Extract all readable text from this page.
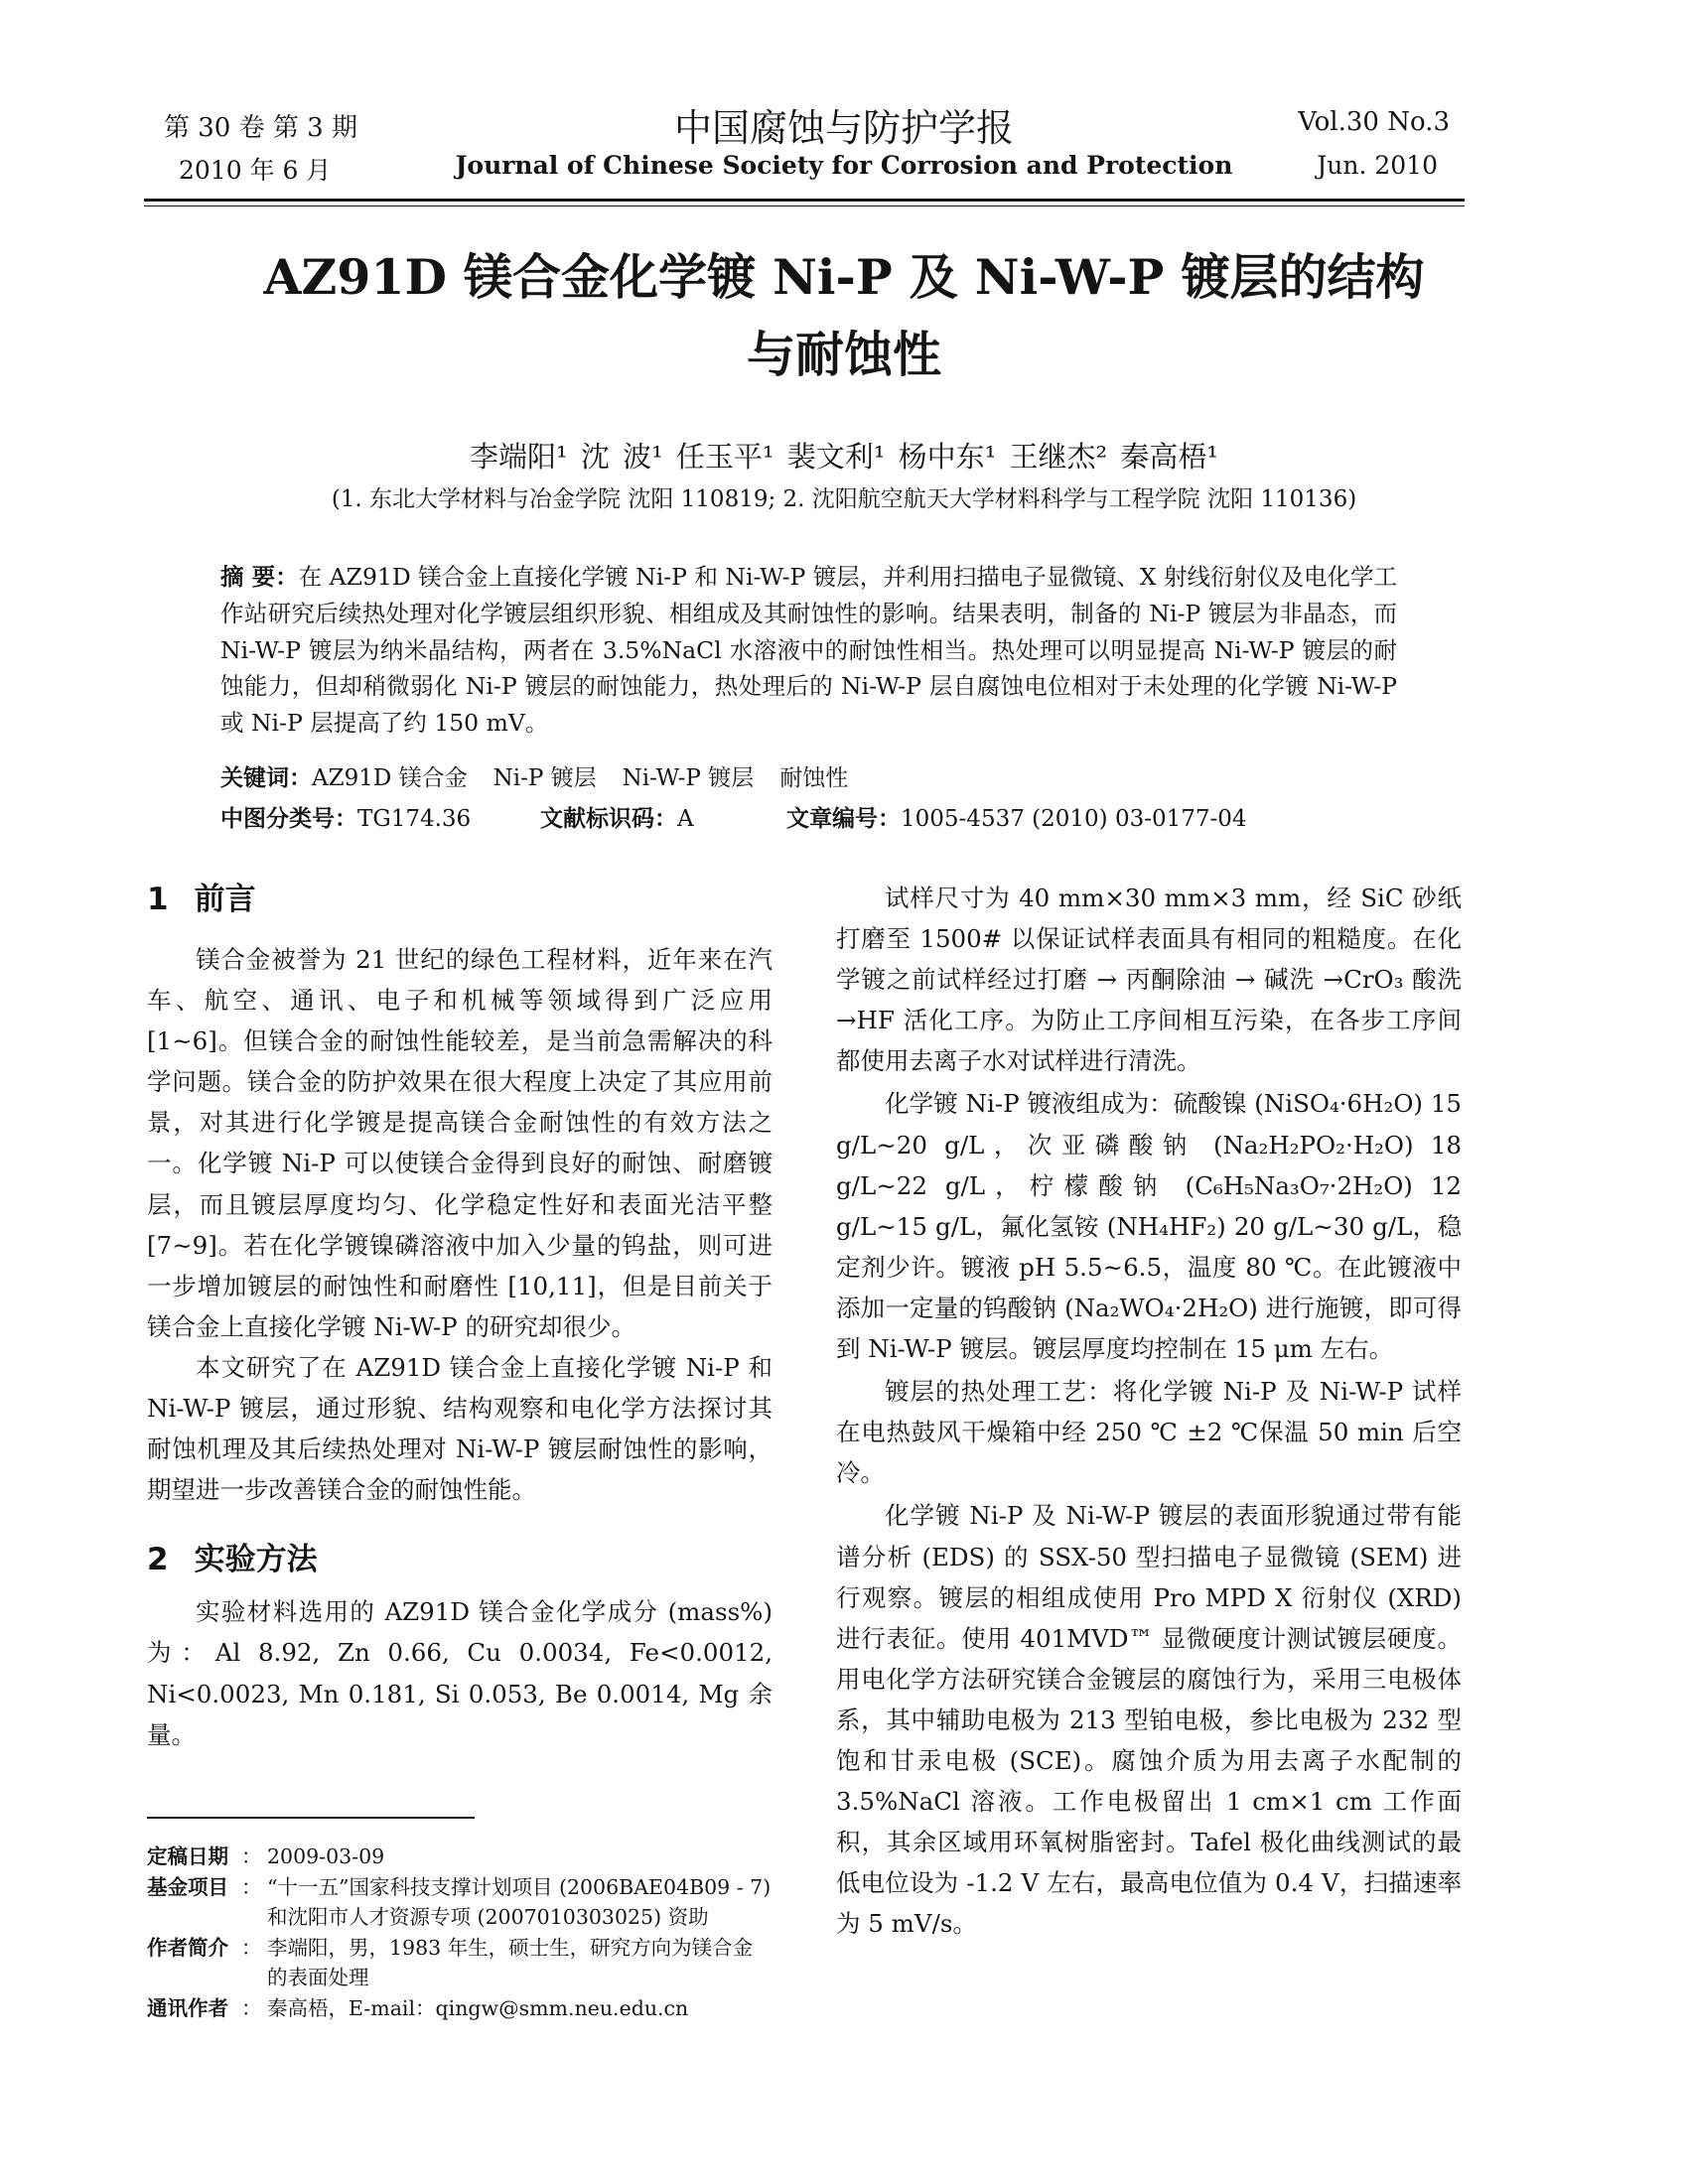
第 30 卷 第 3 期
2010 年 6 月
中国腐蚀与防护学报
Journal of Chinese Society for Corrosion and Protection
Vol.30 No.3
Jun. 2010
AZ91D 镁合金化学镀 Ni-P 及 Ni-W-P 镀层的结构
与耐蚀性
李端阳¹ 沈 波¹ 任玉平¹ 裴文利¹ 杨中东¹ 王继杰² 秦高梧¹
(1. 东北大学材料与冶金学院 沈阳 110819; 2. 沈阳航空航天大学材料科学与工程学院 沈阳 110136)
摘 要：在 AZ91D 镁合金上直接化学镀 Ni-P 和 Ni-W-P 镀层，并利用扫描电子显微镜、X 射线衍射仪及电化学工作站研究后续热处理对化学镀层组织形貌、相组成及其耐蚀性的影响。结果表明，制备的 Ni-P 镀层为非晶态，而 Ni-W-P 镀层为纳米晶结构，两者在 3.5%NaCl 水溶液中的耐蚀性相当。热处理可以明显提高 Ni-W-P 镀层的耐蚀能力，但却稍微弱化 Ni-P 镀层的耐蚀能力，热处理后的 Ni-W-P 层自腐蚀电位相对于未处理的化学镀 Ni-W-P 或 Ni-P 层提高了约 150 mV。
关键词：AZ91D 镁合金 Ni-P 镀层 Ni-W-P 镀层 耐蚀性
中图分类号：TG174.36	文献标识码：A	文章编号：1005-4537 (2010) 03-0177-04
1 前言

镁合金被誉为 21 世纪的绿色工程材料，近年来在汽车、航空、通讯、电子和机械等领域得到广泛应用 [1~6]。但镁合金的耐蚀性能较差，是当前急需解决的科学问题。镁合金的防护效果在很大程度上决定了其应用前景，对其进行化学镀是提高镁合金耐蚀性的有效方法之一。化学镀 Ni-P 可以使镁合金得到良好的耐蚀、耐磨镀层，而且镀层厚度均匀、化学稳定性好和表面光洁平整 [7~9]。若在化学镀镍磷溶液中加入少量的钨盐，则可进一步增加镀层的耐蚀性和耐磨性 [10,11]，但是目前关于镁合金上直接化学镀 Ni-W-P 的研究却很少。

本文研究了在 AZ91D 镁合金上直接化学镀 Ni-P 和 Ni-W-P 镀层，通过形貌、结构观察和电化学方法探讨其耐蚀机理及其后续热处理对 Ni-W-P 镀层耐蚀性的影响，期望进一步改善镁合金的耐蚀性能。

2 实验方法

实验材料选用的 AZ91D 镁合金化学成分 (mass%) 为：Al 8.92, Zn 0.66, Cu 0.0034, Fe<0.0012, Ni<0.0023, Mn 0.181, Si 0.053, Be 0.0014, Mg 余量。

试样尺寸为 40 mm×30 mm×3 mm，经 SiC 砂纸打磨至 1500# 以保证试样表面具有相同的粗糙度。在化学镀之前试样经过打磨 → 丙酮除油 → 碱洗 →CrO₃ 酸洗 →HF 活化工序。为防止工序间相互污染，在各步工序间都使用去离子水对试样进行清洗。

化学镀 Ni-P 镀液组成为：硫酸镍 (NiSO₄·6H₂O) 15 g/L~20 g/L，次亚磷酸钠 (Na₂H₂PO₂·H₂O) 18 g/L~22 g/L，柠檬酸钠 (C₆H₅Na₃O₇·2H₂O) 12 g/L~15 g/L，氟化氢铵 (NH₄HF₂) 20 g/L~30 g/L，稳定剂少许。镀液 pH 5.5~6.5，温度 80 ℃。在此镀液中添加一定量的钨酸钠 (Na₂WO₄·2H₂O) 进行施镀，即可得到 Ni-W-P 镀层。镀层厚度均控制在 15 μm 左右。

镀层的热处理工艺：将化学镀 Ni-P 及 Ni-W-P 试样在电热鼓风干燥箱中经 250 ℃ ±2 ℃保温 50 min 后空冷。

化学镀 Ni-P 及 Ni-W-P 镀层的表面形貌通过带有能谱分析 (EDS) 的 SSX-50 型扫描电子显微镜 (SEM) 进行观察。镀层的相组成使用 Pro MPD X 衍射仪 (XRD) 进行表征。使用 401MVD™ 显微硬度计测试镀层硬度。用电化学方法研究镁合金镀层的腐蚀行为，采用三电极体系，其中辅助电极为 213 型铂电极，参比电极为 232 型饱和甘汞电极 (SCE)。腐蚀介质为用去离子水配制的 3.5%NaCl 溶液。工作电极留出 1 cm×1 cm 工作面积，其余区域用环氧树脂密封。Tafel 极化曲线测试的最低电位设为 -1.2 V 左右，最高电位值为 0.4 V，扫描速率为 5 mV/s。

定稿日期 ： 2009-03-09
基金项目 ： “十一五”国家科技支撑计划项目 (2006BAE04B09 - 7) 和沈阳市人才资源专项 (2007010303025) 资助
作者简介 ： 李端阳，男，1983 年生，硕士生，研究方向为镁合金的表面处理
通讯作者 ： 秦高梧，E-mail：qingw@smm.neu.edu.cn
